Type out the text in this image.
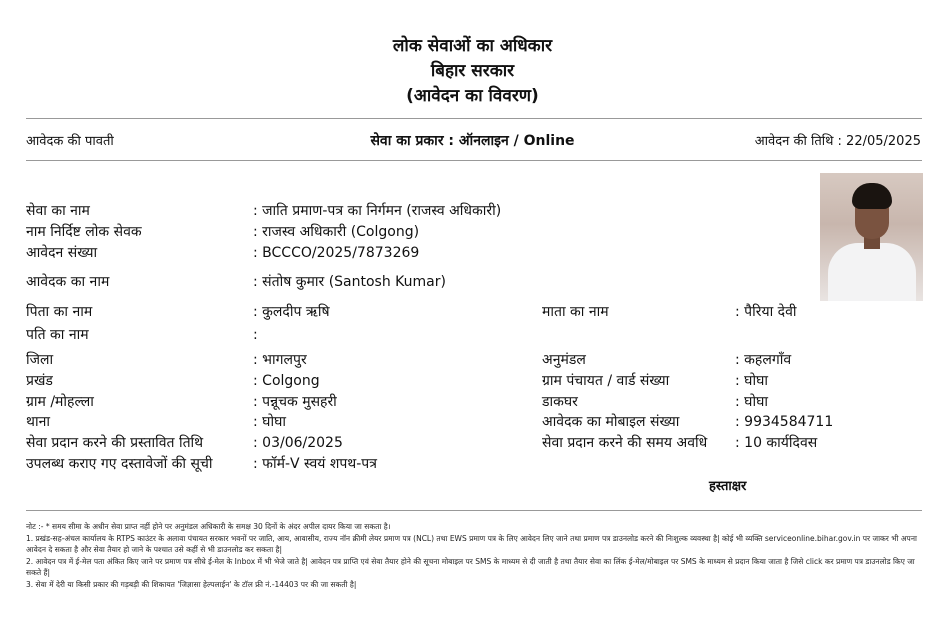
लोक सेवाओं का अधिकार
बिहार सरकार
(आवेदन का विवरण)
आवेदक की पावती	सेवा का प्रकार : ऑनलाइन / Online	आवेदन की तिथि : 22/05/2025
सेवा का नाम	: जाति प्रमाण-पत्र का निर्गमन (राजस्व अधिकारी)
नाम निर्दिष्ट लोक सेवक	: राजस्व अधिकारी (Colgong)
आवेदन संख्या	: BCCCO/2025/7873269
आवेदक का नाम	: संतोष कुमार (Santosh Kumar)
पिता का नाम	: कुलदीप ऋषि	माता का नाम	: पैरिया देवी
पति का नाम	:
जिला	: भागलपुर	अनुमंडल	: कहलगाँव
प्रखंड	: Colgong	ग्राम पंचायत / वार्ड संख्या	: घोघा
ग्राम /मोहल्ला	: पन्नूचक मुसहरी	डाकघर	: घोघा
थाना	: घोघा	आवेदक का मोबाइल संख्या	: 9934584711
सेवा प्रदान करने की प्रस्तावित तिथि	: 03/06/2025	सेवा प्रदान करने की समय अवधि : 10 कार्यदिवस
उपलब्ध कराए गए दस्तावेजों की सूची	: फॉर्म-V स्वयं शपथ-पत्र
हस्ताक्षर
नोट :- * समय सीमा के अधीन सेवा प्राप्त नहीं होने पर अनुमंडल अधिकारी के समक्ष 30 दिनों के अंदर अपील दायर किया जा सकता है।
1. प्रखंड-सह-अंचल कार्यालय के RTPS काउंटर के अलावा पंचायत सरकार भवनों पर जाति, आय, आवासीय, राज्य नॉन क्रीमी लेयर प्रमाण पत्र (NCL) तथा EWS प्रमाण पत्र के लिए आवेदन लिए जाने तथा प्रमाण पत्र डाउनलोड करने की निःशुल्क व्यवस्था है| कोई भी व्यक्ति serviceonline.bihar.gov.in पर जाकर भी अपना आवेदन दे सकता है और सेवा तैयार हो जाने के पश्चात उसे कहीं से भी डाउनलोड कर सकता है|
2. आवेदन पत्र में ई-मेल पता अंकित किए जाने पर प्रमाण पत्र सीधे ई-मेल के Inbox में भी भेजे जाते है| आवेदन पत्र प्राप्ति एवं सेवा तैयार होने की सूचना मोबाइल पर SMS के माध्यम से दी जाती है तथा तैयार सेवा का लिंक ई-मेल/मोबाइल पर SMS के माध्यम से प्रदान किया जाता है जिसे click कर प्रमाण पत्र डाउनलोड किए जा सकते हैं|
3. सेवा में देरी या किसी प्रकार की गड़बड़ी की शिकायत 'जिज्ञासा हेल्पलाईन' के टॉल फ्री नं.-14403 पर की जा सकती है|
